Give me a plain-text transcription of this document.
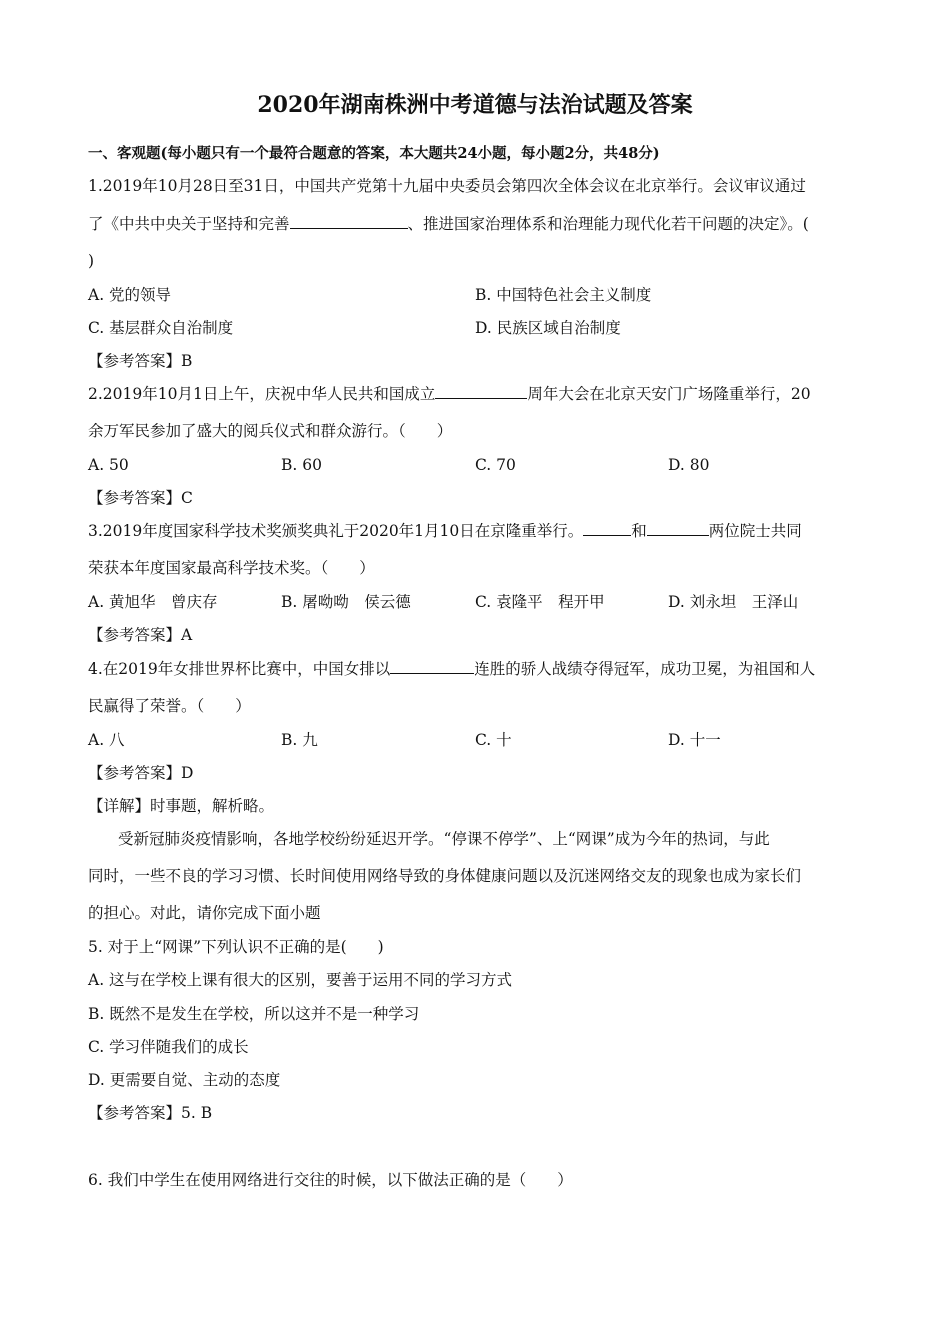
2020年湖南株洲中考道德与法治试题及答案
一、客观题(每小题只有一个最符合题意的答案，本大题共24小题，每小题2分，共48分)
1.2019年10月28日至31日，中国共产党第十九届中央委员会第四次全体会议在北京举行。会议审议通过
了《中共中央关于坚持和完善	、推进国家治理体系和治理能力现代化若干问题的决定》。(
)
A. 党的领导	B. 中国特色社会主义制度
C. 基层群众自治制度	D. 民族区域自治制度
【参考答案】B
2.2019年10月1日上午，庆祝中华人民共和国成立	周年大会在北京天安门广场隆重举行，20
余万军民参加了盛大的阅兵仪式和群众游行。（　　）
A. 50	B. 60	C. 70	D. 80
【参考答案】C
3.2019年度国家科学技术奖颁奖典礼于2020年1月10日在京隆重举行。	和	两位院士共同
荣获本年度国家最高科学技术奖。（　　）
A. 黄旭华　曾庆存	B. 屠呦呦　侯云德	C. 袁隆平　程开甲	D. 刘永坦　王泽山
【参考答案】A
4.在2019年女排世界杯比赛中，中国女排以	连胜的骄人战绩夺得冠军，成功卫冕，为祖国和人
民赢得了荣誉。（　　）
A. 八	B. 九	C. 十	D. 十一
【参考答案】D
【详解】时事题，解析略。
受新冠肺炎疫情影响，各地学校纷纷延迟开学。“停课不停学”、上“网课”成为今年的热词，与此
同时，一些不良的学习习惯、长时间使用网络导致的身体健康问题以及沉迷网络交友的现象也成为家长们
的担心。对此，请你完成下面小题
5. 对于上“网课”下列认识不正确的是(　　)
A. 这与在学校上课有很大的区别，要善于运用不同的学习方式
B. 既然不是发生在学校，所以这并不是一种学习
C. 学习伴随我们的成长
D. 更需要自觉、主动的态度
【参考答案】5. B
6. 我们中学生在使用网络进行交往的时候，以下做法正确的是（　　）
